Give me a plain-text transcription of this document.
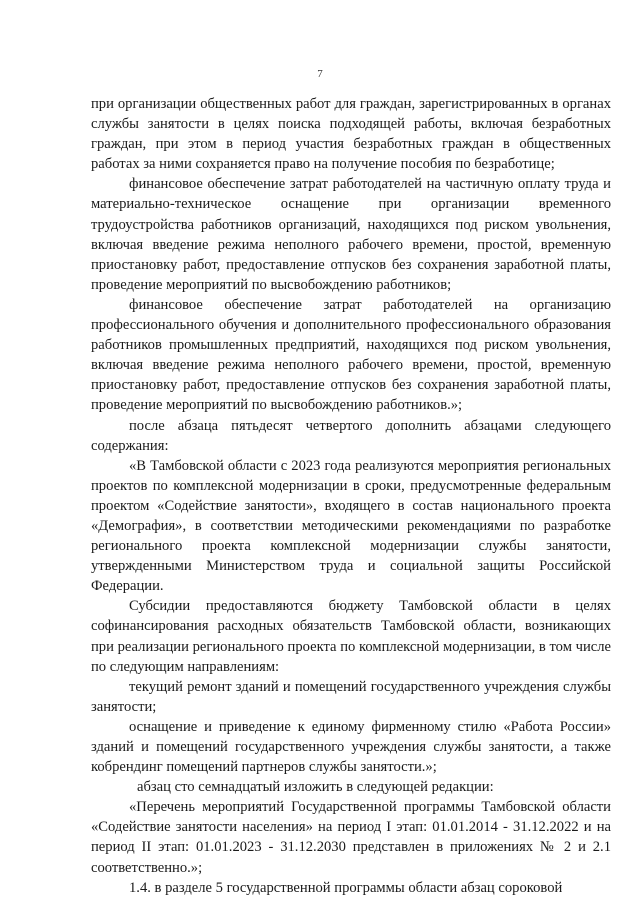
7

при организации общественных работ для граждан, зарегистрированных в органах службы занятости в целях поиска подходящей работы, включая безработных граждан, при этом в период участия безработных граждан в общественных работах за ними сохраняется право на получение пособия по безработице;

финансовое обеспечение затрат работодателей на частичную оплату труда и материально-техническое оснащение при организации временного трудоустройства работников организаций, находящихся под риском увольнения, включая введение режима неполного рабочего времени, простой, временную приостановку работ, предоставление отпусков без сохранения заработной платы, проведение мероприятий по высвобождению работников;

финансовое обеспечение затрат работодателей на организацию профессионального обучения и дополнительного профессионального образования работников промышленных предприятий, находящихся под риском увольнения, включая введение режима неполного рабочего времени, простой, временную приостановку работ, предоставление отпусков без сохранения заработной платы, проведение мероприятий по высвобождению работников.»;

после абзаца пятьдесят четвертого дополнить абзацами следующего содержания:

«В Тамбовской области с 2023 года реализуются мероприятия региональных проектов по комплексной модернизации в сроки, предусмотренные федеральным проектом «Содействие занятости», входящего в состав национального проекта «Демография», в соответствии методическими рекомендациями по разработке регионального проекта комплексной модернизации службы занятости, утвержденными Министерством труда и социальной защиты Российской Федерации.

Субсидии предоставляются бюджету Тамбовской области в целях софинансирования расходных обязательств Тамбовской области, возникающих при реализации регионального проекта по комплексной модернизации, в том числе по следующим направлениям:

текущий ремонт зданий и помещений государственного учреждения службы занятости;

оснащение и приведение к единому фирменному стилю «Работа России» зданий и помещений государственного учреждения службы занятости, а также кобрендинг помещений партнеров службы занятости.»;

абзац сто семнадцатый изложить в следующей редакции:

«Перечень мероприятий Государственной программы Тамбовской области «Содействие занятости населения» на период I этап: 01.01.2014 - 31.12.2022 и на период II этап: 01.01.2023 - 31.12.2030 представлен в приложениях № 2 и 2.1 соответственно.»;

1.4. в разделе 5 государственной программы области абзац сороковой
